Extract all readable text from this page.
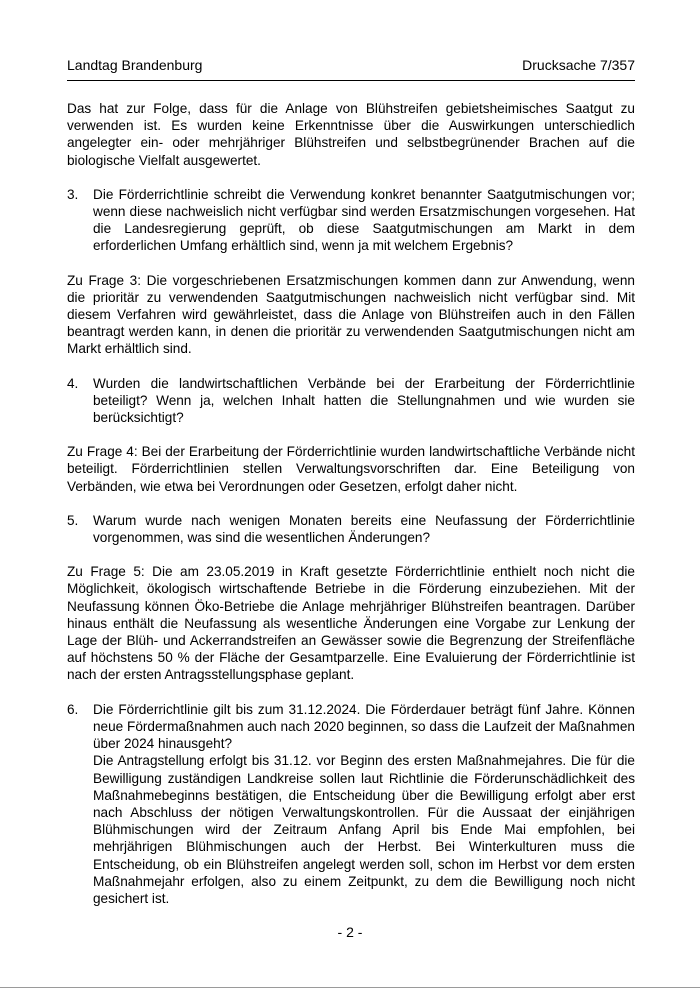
Landtag Brandenburg	Drucksache 7/357

Das hat zur Folge, dass für die Anlage von Blühstreifen gebietsheimisches Saatgut zu verwenden ist. Es wurden keine Erkenntnisse über die Auswirkungen unterschiedlich angelegter ein- oder mehrjähriger Blühstreifen und selbstbegrünender Brachen auf die biologische Vielfalt ausgewertet.

3.	Die Förderrichtlinie schreibt die Verwendung konkret benannter Saatgutmischungen vor; wenn diese nachweislich nicht verfügbar sind werden Ersatzmischungen vorgesehen. Hat die Landesregierung geprüft, ob diese Saatgutmischungen am Markt in dem erforderlichen Umfang erhältlich sind, wenn ja mit welchem Ergebnis?

Zu Frage 3: Die vorgeschriebenen Ersatzmischungen kommen dann zur Anwendung, wenn die prioritär zu verwendenden Saatgutmischungen nachweislich nicht verfügbar sind. Mit diesem Verfahren wird gewährleistet, dass die Anlage von Blühstreifen auch in den Fällen beantragt werden kann, in denen die prioritär zu verwendenden Saatgutmischungen nicht am Markt erhältlich sind.

4.	Wurden die landwirtschaftlichen Verbände bei der Erarbeitung der Förderrichtlinie beteiligt? Wenn ja, welchen Inhalt hatten die Stellungnahmen und wie wurden sie berücksichtigt?

Zu Frage 4: Bei der Erarbeitung der Förderrichtlinie wurden landwirtschaftliche Verbände nicht beteiligt. Förderrichtlinien stellen Verwaltungsvorschriften dar. Eine Beteiligung von Verbänden, wie etwa bei Verordnungen oder Gesetzen, erfolgt daher nicht.

5.	Warum wurde nach wenigen Monaten bereits eine Neufassung der Förderrichtlinie vorgenommen, was sind die wesentlichen Änderungen?

Zu Frage 5: Die am 23.05.2019 in Kraft gesetzte Förderrichtlinie enthielt noch nicht die Möglichkeit, ökologisch wirtschaftende Betriebe in die Förderung einzubeziehen. Mit der Neufassung können Öko-Betriebe die Anlage mehrjähriger Blühstreifen beantragen. Darüber hinaus enthält die Neufassung als wesentliche Änderungen eine Vorgabe zur Lenkung der Lage der Blüh- und Ackerrandstreifen an Gewässer sowie die Begrenzung der Streifenfläche auf höchstens 50 % der Fläche der Gesamtparzelle. Eine Evaluierung der Förderrichtlinie ist nach der ersten Antragsstellungsphase geplant.

6.	Die Förderrichtlinie gilt bis zum 31.12.2024. Die Förderdauer beträgt fünf Jahre. Können neue Fördermaßnahmen auch nach 2020 beginnen, so dass die Laufzeit der Maßnahmen über 2024 hinausgeht?

Die Antragstellung erfolgt bis 31.12. vor Beginn des ersten Maßnahmejahres. Die für die Bewilligung zuständigen Landkreise sollen laut Richtlinie die Förderunschädlichkeit des Maßnahmebeginns bestätigen, die Entscheidung über die Bewilligung erfolgt aber erst nach Abschluss der nötigen Verwaltungskontrollen. Für die Aussaat der einjährigen Blühmischungen wird der Zeitraum Anfang April bis Ende Mai empfohlen, bei mehrjährigen Blühmischungen auch der Herbst. Bei Winterkulturen muss die Entscheidung, ob ein Blühstreifen angelegt werden soll, schon im Herbst vor dem ersten Maßnahmejahr erfolgen, also zu einem Zeitpunkt, zu dem die Bewilligung noch nicht gesichert ist.

- 2 -
